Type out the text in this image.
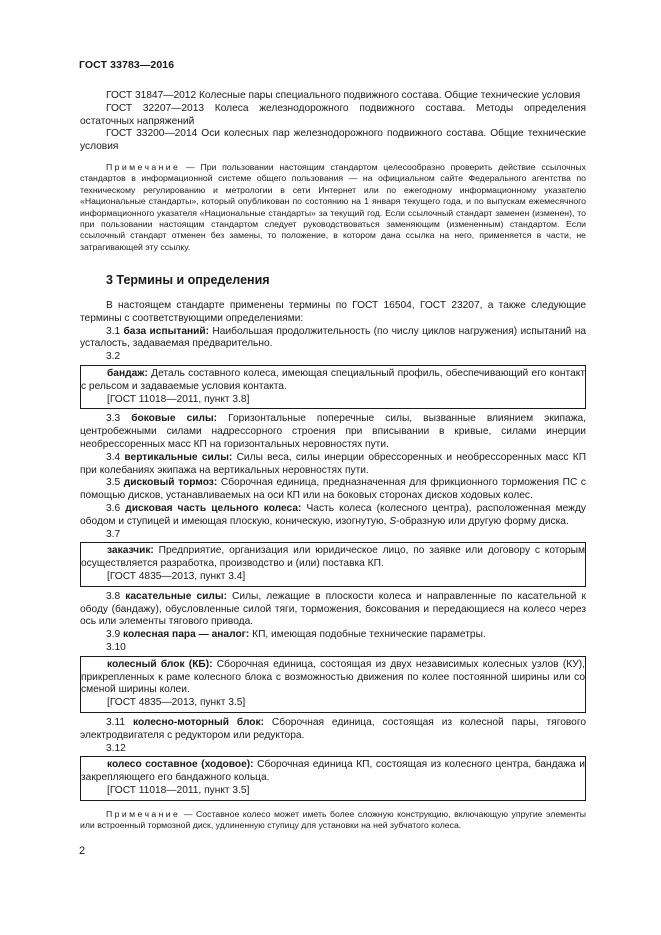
ГОСТ 33783—2016

ГОСТ 31847—2012 Колесные пары специального подвижного состава. Общие технические условия

ГОСТ 32207—2013 Колеса железнодорожного подвижного состава. Методы определения остаточных напряжений

ГОСТ 33200—2014 Оси колесных пар железнодорожного подвижного состава. Общие технические условия

Примечание — При пользовании настоящим стандартом целесообразно проверить действие ссылочных стандартов в информационной системе общего пользования — на официальном сайте Федерального агентства по техническому регулированию и метрологии в сети Интернет или по ежегодному информационному указателю «Национальные стандарты», который опубликован по состоянию на 1 января текущего года, и по выпускам ежемесячного информационного указателя «Национальные стандарты» за текущий год. Если ссылочный стандарт заменен (изменен), то при пользовании настоящим стандартом следует руководствоваться заменяющим (измененным) стандартом. Если ссылочный стандарт отменен без замены, то положение, в котором дана ссылка на него, применяется в части, не затрагивающей эту ссылку.

3 Термины и определения

В настоящем стандарте применены термины по ГОСТ 16504, ГОСТ 23207, а также следующие термины с соответствующими определениями:

3.1 база испытаний: Наибольшая продолжительность (по числу циклов нагружения) испытаний на усталость, задаваемая предварительно.

3.2

бандаж: Деталь составного колеса, имеющая специальный профиль, обеспечивающий его контакт с рельсом и задаваемые условия контакта.

[ГОСТ 11018—2011, пункт 3.8]

3.3 боковые силы: Горизонтальные поперечные силы, вызванные влиянием экипажа, центробежными силами надрессорного строения при вписывании в кривые, силами инерции необрессоренных масс КП на горизонтальных неровностях пути.

3.4 вертикальные силы: Силы веса, силы инерции обрессоренных и необрессоренных масс КП при колебаниях экипажа на вертикальных неровностях пути.

3.5 дисковый тормоз: Сборочная единица, предназначенная для фрикционного торможения ПС с помощью дисков, устанавливаемых на оси КП или на боковых сторонах дисков ходовых колес.

3.6 дисковая часть цельного колеса: Часть колеса (колесного центра), расположенная между ободом и ступицей и имеющая плоскую, коническую, изогнутую, S-образную или другую форму диска.

3.7

заказчик: Предприятие, организация или юридическое лицо, по заявке или договору с которым осуществляется разработка, производство и (или) поставка КП.

[ГОСТ 4835—2013, пункт 3.4]

3.8 касательные силы: Силы, лежащие в плоскости колеса и направленные по касательной к ободу (бандажу), обусловленные силой тяги, торможения, боксования и передающиеся на колесо через ось или элементы тягового привода.

3.9 колесная пара — аналог: КП, имеющая подобные технические параметры.

3.10

колесный блок (КБ): Сборочная единица, состоящая из двух независимых колесных узлов (КУ), прикрепленных к раме колесного блока с возможностью движения по колее постоянной ширины или со сменой ширины колеи.

[ГОСТ 4835—2013, пункт 3.5]

3.11 колесно-моторный блок: Сборочная единица, состоящая из колесной пары, тягового электродвигателя с редуктором или редуктора.

3.12

колесо составное (ходовое): Сборочная единица КП, состоящая из колесного центра, бандажа и закрепляющего его бандажного кольца.

[ГОСТ 11018—2011, пункт 3.5]

Примечание — Составное колесо может иметь более сложную конструкцию, включающую упругие элементы или встроенный тормозной диск, удлиненную ступицу для установки на ней зубчатого колеса.

2
